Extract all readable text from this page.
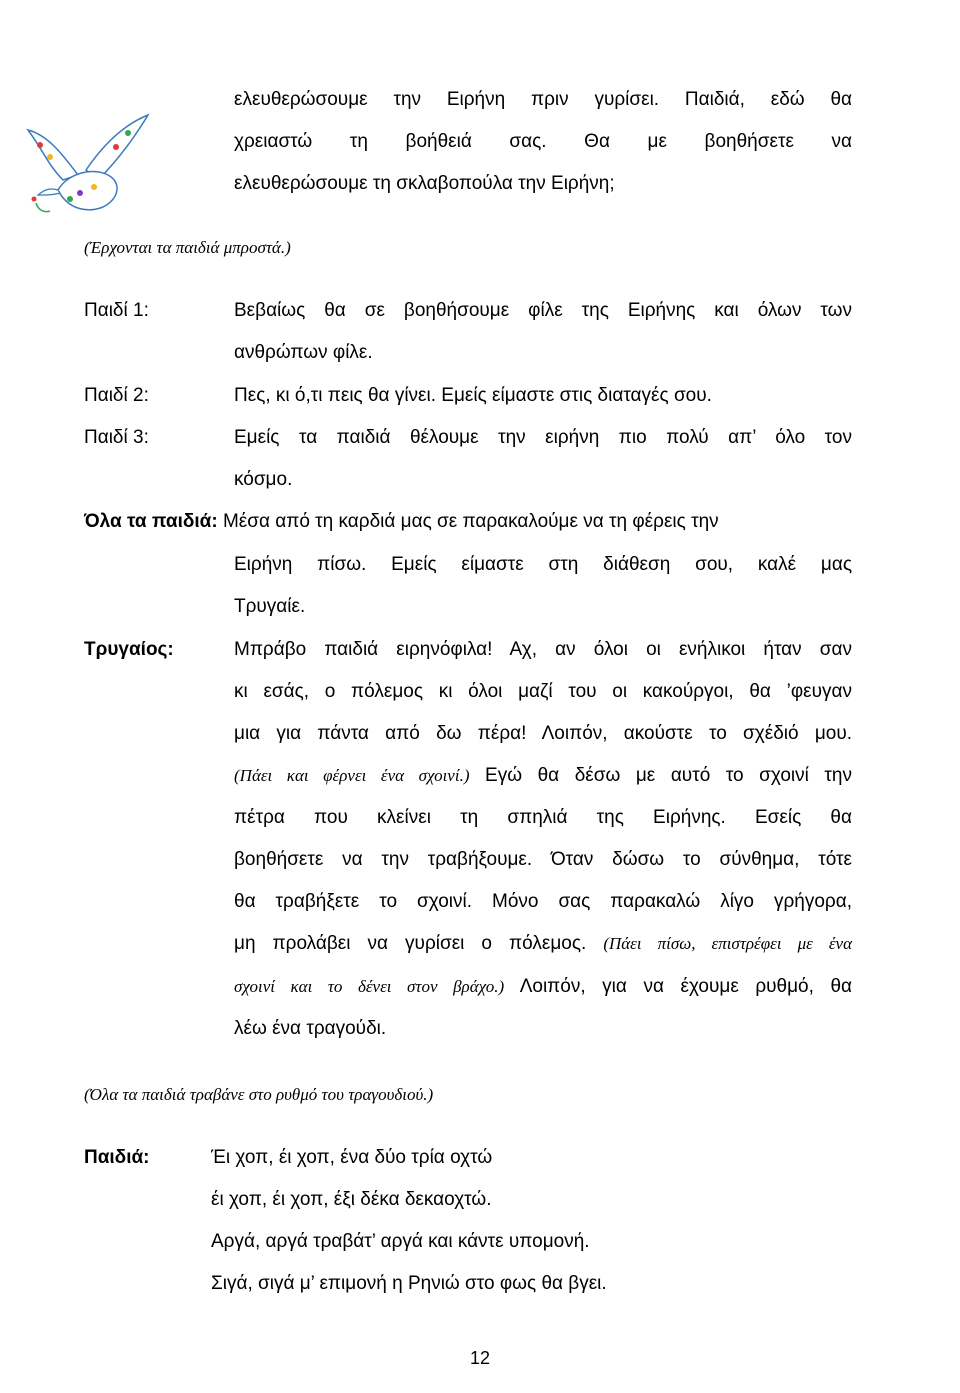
ελευθερώσουμε την Ειρήνη πριν γυρίσει. Παιδιά, εδώ θα
χρειαστώ τη βοήθειά σας. Θα με βοηθήσετε να
ελευθερώσουμε τη σκλαβοπούλα την Ειρήνη;
(Έρχονται τα παιδιά μπροστά.)
Παιδί 1:	Βεβαίως θα σε βοηθήσουμε φίλε της Ειρήνης και όλων των
ανθρώπων φίλε.
Παιδί 2:	Πες, κι ό,τι πεις θα γίνει. Εμείς είμαστε στις διαταγές σου.
Παιδί 3:	Εμείς τα παιδιά θέλουμε την ειρήνη πιο πολύ απ’ όλο τον
κόσμο.
Όλα τα παιδιά: Μέσα από τη καρδιά μας σε παρακαλούμε να τη φέρεις την
Ειρήνη πίσω. Εμείς είμαστε στη διάθεση σου, καλέ μας
Τρυγαίε.
Τρυγαίος:	Μπράβο παιδιά ειρηνόφιλα! Αχ, αν όλοι οι ενήλικοι ήταν σαν
κι εσάς, ο πόλεμος κι όλοι μαζί του οι κακούργοι, θα ’φευγαν
μια για πάντα από δω πέρα! Λοιπόν, ακούστε το σχέδιό μου.
(Πάει και φέρνει ένα σχοινί.) Εγώ θα δέσω με αυτό το σχοινί την
πέτρα που κλείνει τη σπηλιά της Ειρήνης. Εσείς θα
βοηθήσετε να την τραβήξουμε. Όταν δώσω το σύνθημα, τότε
θα τραβήξετε το σχοινί. Μόνο σας παρακαλώ λίγο γρήγορα,
μη προλάβει να γυρίσει ο πόλεμος. (Πάει πίσω, επιστρέφει με ένα
σχοινί και το δένει στον βράχο.) Λοιπόν, για να έχουμε ρυθμό, θα
λέω ένα τραγούδι.
(Όλα τα παιδιά τραβάνε στο ρυθμό του τραγουδιού.)
Παιδιά:	Έι χοπ, έι χοπ, ένα δύο τρία οχτώ
έι χοπ, έι χοπ, έξι δέκα δεκαοχτώ.
Αργά, αργά τραβάτ’ αργά και κάντε υπομονή.
Σιγά, σιγά μ’ επιμονή η Ρηνιώ στο φως θα βγει.
12
